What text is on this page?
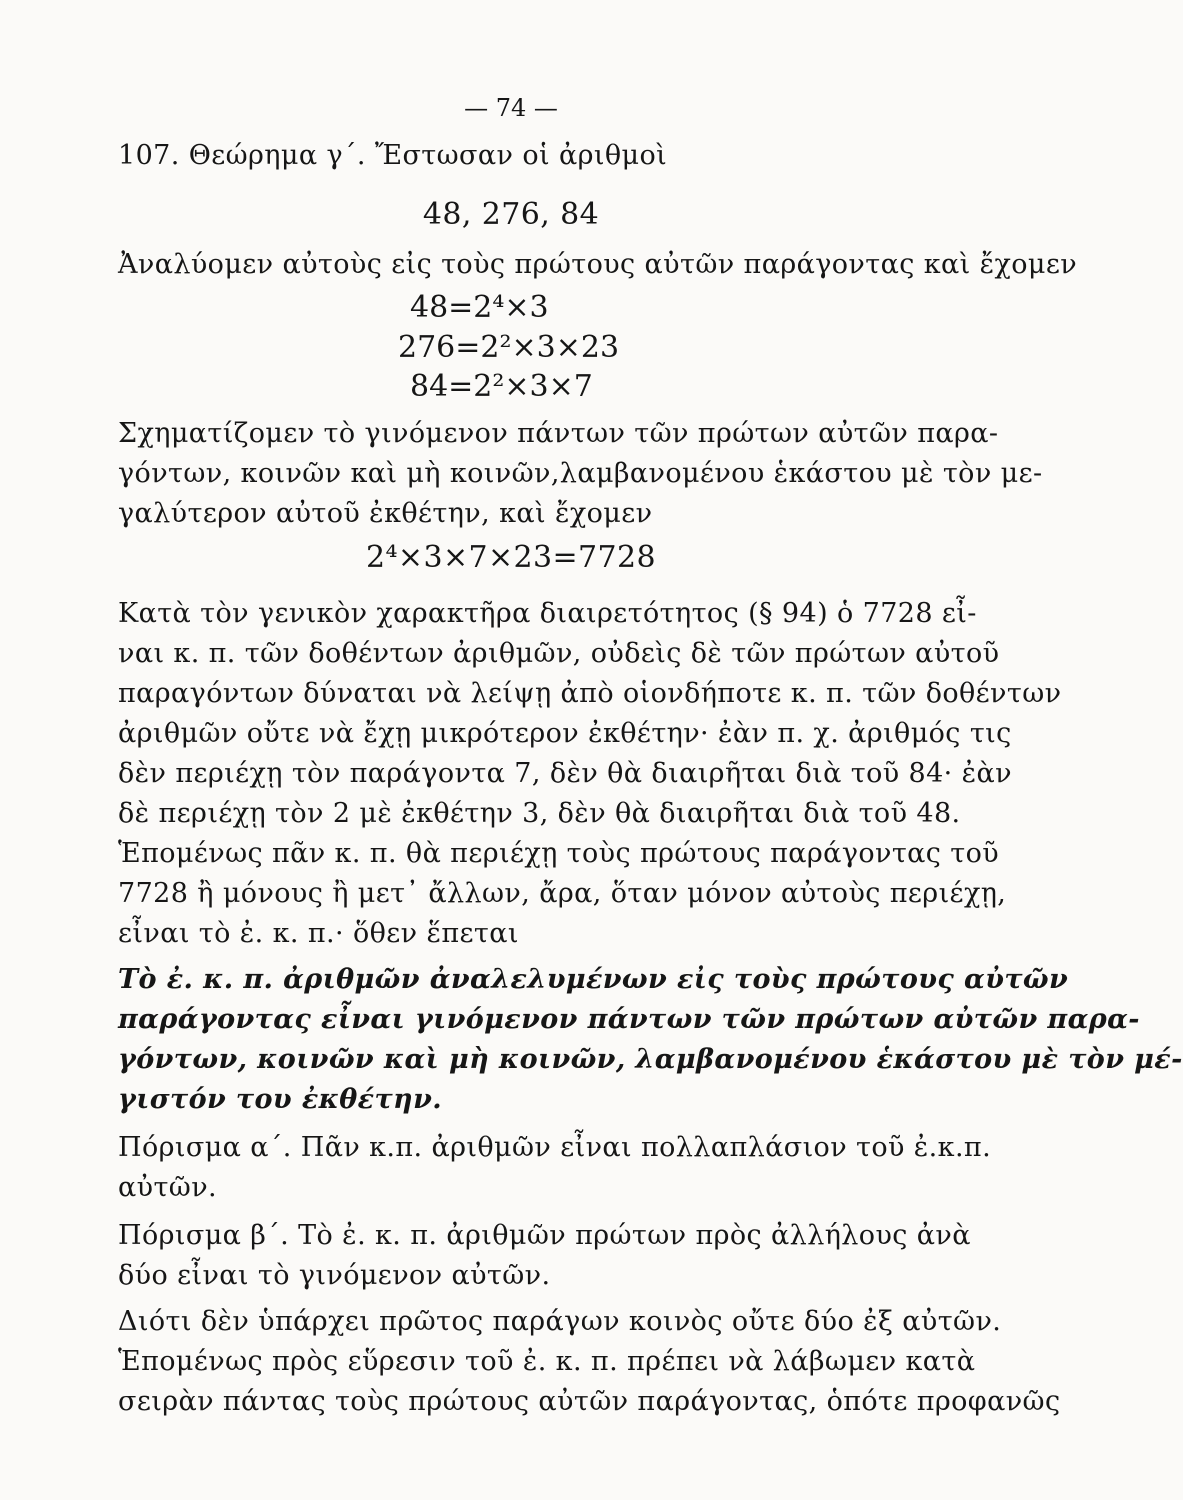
— 74 —
107. Θεώρημα γ΄. Ἔστωσαν οἱ ἀριθμοὶ
48, 276, 84
Ἀναλύομεν αὐτοὺς εἰς τοὺς πρώτους αὐτῶν παράγοντας καὶ ἔχομεν
48=2⁴×3
276=2²×3×23
84=2²×3×7
Σχηματίζομεν τὸ γινόμενον πάντων τῶν πρώτων αὐτῶν παρα-
γόντων, κοινῶν καὶ μὴ κοινῶν,λαμβανομένου ἑκάστου μὲ τὸν με-
γαλύτερον αὐτοῦ ἐκθέτην, καὶ ἔχομεν
2⁴×3×7×23=7728
Κατὰ τὸν γενικὸν χαρακτῆρα διαιρετότητος (§ 94) ὁ 7728 εἶ-
ναι κ. π. τῶν δοθέντων ἀριθμῶν, οὐδεὶς δὲ τῶν πρώτων αὐτοῦ
παραγόντων δύναται νὰ λείψῃ ἀπὸ οἱονδήποτε κ. π. τῶν δοθέντων
ἀριθμῶν οὔτε νὰ ἔχῃ μικρότερον ἐκθέτην· ἐὰν π. χ. ἀριθμός τις
δὲν περιέχῃ τὸν παράγοντα 7, δὲν θὰ διαιρῆται διὰ τοῦ 84· ἐὰν
δὲ περιέχῃ τὸν 2 μὲ ἐκθέτην 3, δὲν θὰ διαιρῆται διὰ τοῦ 48.
Ἑπομένως πᾶν κ. π. θὰ περιέχῃ τοὺς πρώτους παράγοντας τοῦ
7728 ἢ μόνους ἢ μετ᾽ ἄλλων, ἄρα, ὅταν μόνον αὐτοὺς περιέχῃ,
εἶναι τὸ ἐ. κ. π.· ὅθεν ἕπεται
Τὸ ἐ. κ. π. ἀριθμῶν ἀναλελυμένων εἰς τοὺς πρώτους αὐτῶν
παράγοντας εἶναι γινόμενον πάντων τῶν πρώτων αὐτῶν παρα-
γόντων, κοινῶν καὶ μὴ κοινῶν, λαμβανομένου ἑκάστου μὲ τὸν μέ-
γιστόν του ἐκθέτην.
Πόρισμα α΄. Πᾶν κ.π. ἀριθμῶν εἶναι πολλαπλάσιον τοῦ ἐ.κ.π.
αὐτῶν.
Πόρισμα β΄. Τὸ ἐ. κ. π. ἀριθμῶν πρώτων πρὸς ἀλλήλους ἀνὰ
δύο εἶναι τὸ γινόμενον αὐτῶν.
Διότι δὲν ὑπάρχει πρῶτος παράγων κοινὸς οὔτε δύο ἐξ αὐτῶν.
Ἑπομένως πρὸς εὕρεσιν τοῦ ἐ. κ. π. πρέπει νὰ λάβωμεν κατὰ
σειρὰν πάντας τοὺς πρώτους αὐτῶν παράγοντας, ὁπότε προφανῶς
